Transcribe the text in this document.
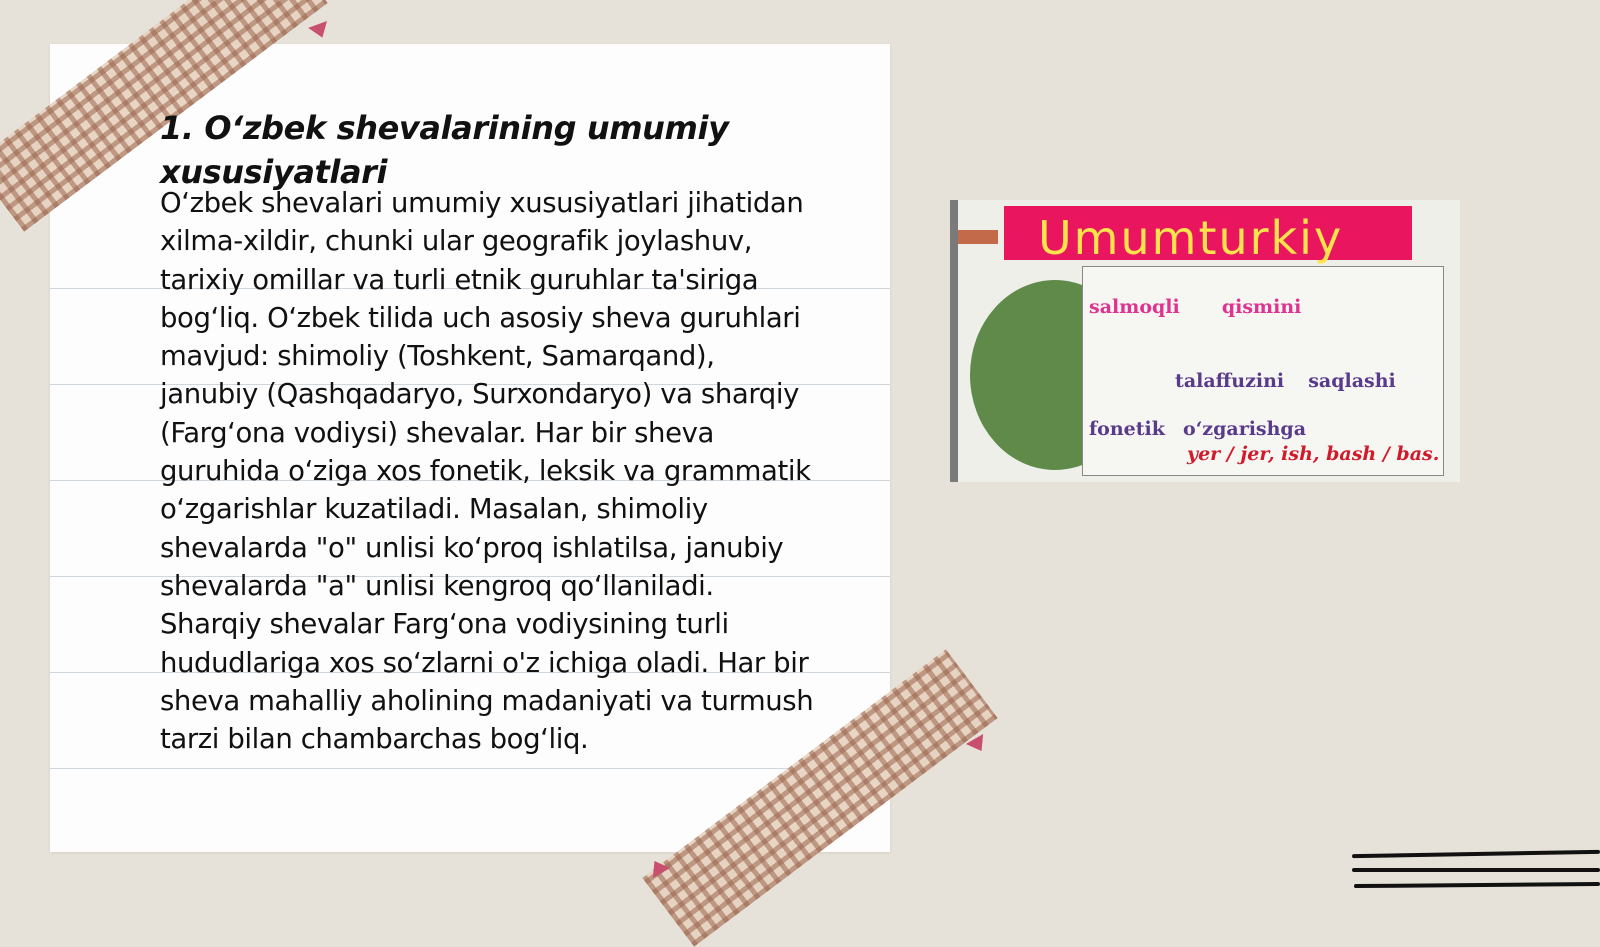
1. O‘zbek shevalarining umumiy xususiyatlari

O‘zbek shevalari umumiy xususiyatlari jihatidan xilma-xildir, chunki ular geografik joylashuv, tarixiy omillar va turli etnik guruhlar ta'siriga bog‘liq. O‘zbek tilida uch asosiy sheva guruhlari mavjud: shimoliy (Toshkent, Samarqand), janubiy (Qashqadaryo, Surxondaryo) va sharqiy (Farg‘ona vodiysi) shevalar. Har bir sheva guruhida o‘ziga xos fonetik, leksik va grammatik o‘zgarishlar kuzatiladi. Masalan, shimoliy shevalarda "o" unlisi ko‘proq ishlatilsa, janubiy shevalarda "a" unlisi kengroq qo‘llaniladi. Sharqiy shevalar Farg‘ona vodiysining turli hududlariga xos so‘zlarni o'z ichiga oladi. Har bir sheva mahalliy aholining madaniyati va turmush tarzi bilan chambarchas bog‘liq.

Umumturkiy
salmoqli qismini
talaffuzini saqlashi
fonetik o‘zgarishga
yer / jer, ish, bash / bas.
